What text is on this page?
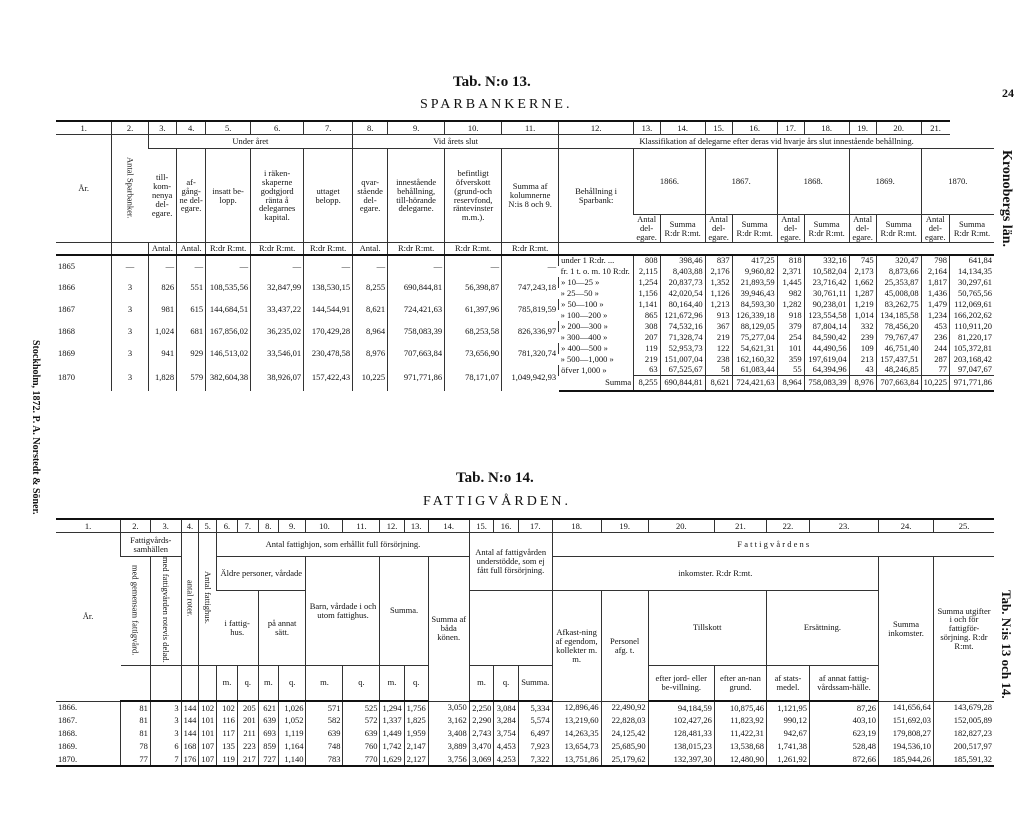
24
Kronobergs län.
Stockholm, 1872. P. A. Norstedt & Söner.
Tab. N:is 13 och 14.
Tab. N:o 13.
SPARBANKERNE.
1.	2.	3.	4.	5.	6.	7.	8.	9.	10.	11.	12.	13.	14.	15.	16.	17.	18.	19.	20.	21.	
År.	Antal Sparbanker.	Under året					Vid årets slut				Klassifikation af delegarne efter deras vid hvarje års slut innestående behållning.										
		till-kom-nenya del-egare.	af-gång-ne del-egare.	insatt be-lopp.	i räken-skaperne godtgjord ränta å delegarnes kapital.	uttaget belopp.	qvar-stående del-egare.	innestående behållning, till-hörande delegarne.	befintligt öfverskott (grund-och reservfond, räntevinster m.m.).	Summa af kolumnerne N:is 8 och 9.	Behållning i Sparbank:	1866.		1867.		1868.		1869.		1870.	
												Antal del-egare.	Summa R:dr R:mt.	Antal del-egare.	Summa R:dr R:mt.	Antal del-egare.	Summa R:dr R:mt.	Antal del-egare.	Summa R:dr R:mt.	Antal del-egare.	Summa R:dr R:mt.
		Antal.	Antal.	R:dr R:mt.	R:dr R:mt.	R:dr R:mt.	Antal.	R:dr R:mt.	R:dr R:mt.	R:dr R:mt.											
1865	—	—	—	—	—	—	—	—	—	—	under 1 R:dr. ...	808	398,46	837	417,25	818	332,16	745	320,47	798	641,84
											fr. 1 t. o. m. 10 R:dr.	2,115	8,403,88	2,176	9,960,82	2,371	10,582,04	2,173	8,873,66	2,164	14,134,35
1866	3	826	551	108,535,56	32,847,99	138,530,15	8,255	690,844,81	56,398,87	747,243,18	» 10—25 »	1,254	20,837,73	1,352	21,893,59	1,445	23,716,42	1,662	25,353,87	1,817	30,297,61
											» 25—50 »	1,156	42,020,54	1,126	39,946,43	982	30,761,11	1,287	45,008,08	1,436	50,765,56
1867	3	981	615	144,684,51	33,437,22	144,544,91	8,621	724,421,63	61,397,96	785,819,59	» 50—100 »	1,141	80,164,40	1,213	84,593,30	1,282	90,238,01	1,219	83,262,75	1,479	112,069,61
											» 100—200 »	865	121,672,96	913	126,339,18	918	123,554,58	1,014	134,185,58	1,234	166,202,62
1868	3	1,024	681	167,856,02	36,235,02	170,429,28	8,964	758,083,39	68,253,58	826,336,97	» 200—300 »	308	74,532,16	367	88,129,05	379	87,804,14	332	78,456,20	453	110,911,20
											» 300—400 »	207	71,328,74	219	75,277,04	254	84,590,42	239	79,767,47	236	81,220,17
1869	3	941	929	146,513,02	33,546,01	230,478,58	8,976	707,663,84	73,656,90	781,320,74	» 400—500 »	119	52,953,73	122	54,621,31	101	44,490,56	109	46,751,40	244	105,372,81
											» 500—1,000 »	219	151,007,04	238	162,160,32	359	197,619,04	213	157,437,51	287	203,168,42
1870	3	1,828	579	382,604,38	38,926,07	157,422,43	10,225	971,771,86	78,171,07	1,049,942,93	öfver 1,000 »	63	67,525,67	58	61,083,44	55	64,394,96	43	48,246,85	77	97,047,67
											Summa	8,255	690,844,81	8,621	724,421,63	8,964	758,083,39	8,976	707,663,84	10,225	971,771,86
Tab. N:o 14.
FATTIGVÅRDEN.
1.	2.	3.	4.	5.	6.	7.	8.	9.	10.	11.	12.	13.	14.	15.	16.	17.	18.	19.	20.	21.	22.	23.	24.	25.
År.	Fattigvårds-samhällen		antal roter.	Antal fattighus.	Antal fattighjon, som erhållit full försörjning.									Antal af fattigvården understödde, som ej fått full försörjning.			F a t t i g v å r d e n s							
	med gemensam fattigvård.	med fattigvården rotevis delad.			Äldre personer, vårdade				Barn, vårdade i och utom fattighus.		Summa.		Summa af båda könen.				inkomster. R:dr R:mt.						Summa inkomster.	Summa utgifter i och för fattigför-sörjning. R:dr R:mt.
					i fattig-hus.		på annat sätt.										Afkast-ning af egendom, kollekter m. m.	Personel afg. t.	Tillskott		Ersättning.			
					m.	q.	m.	q.	m.	q.	m.	q.		m.	q.	Summa.			efter jord- eller be-villning.	efter an-nan grund.	af stats-medel.	af annat fattig-vårdssam-hälle.		
1866.	81	3	144	102	102	205	621	1,026	571	525	1,294	1,756	3,050	2,250	3,084	5,334	12,896,46	22,490,92	94,184,59	10,875,46	1,121,95	87,26	141,656,64	143,679,28
1867.	81	3	144	101	116	201	639	1,052	582	572	1,337	1,825	3,162	2,290	3,284	5,574	13,219,60	22,828,03	102,427,26	11,823,92	990,12	403,10	151,692,03	152,005,89
1868.	81	3	144	101	117	211	693	1,119	639	639	1,449	1,959	3,408	2,743	3,754	6,497	14,263,35	24,125,42	128,481,33	11,422,31	942,67	623,19	179,808,27	182,827,23
1869.	78	6	168	107	135	223	859	1,164	748	760	1,742	2,147	3,889	3,470	4,453	7,923	13,654,73	25,685,90	138,015,23	13,538,68	1,741,38	528,48	194,536,10	200,517,97
1870.	77	7	176	107	119	217	727	1,140	783	770	1,629	2,127	3,756	3,069	4,253	7,322	13,751,86	25,179,62	132,397,30	12,480,90	1,261,92	872,66	185,944,26	185,591,32
